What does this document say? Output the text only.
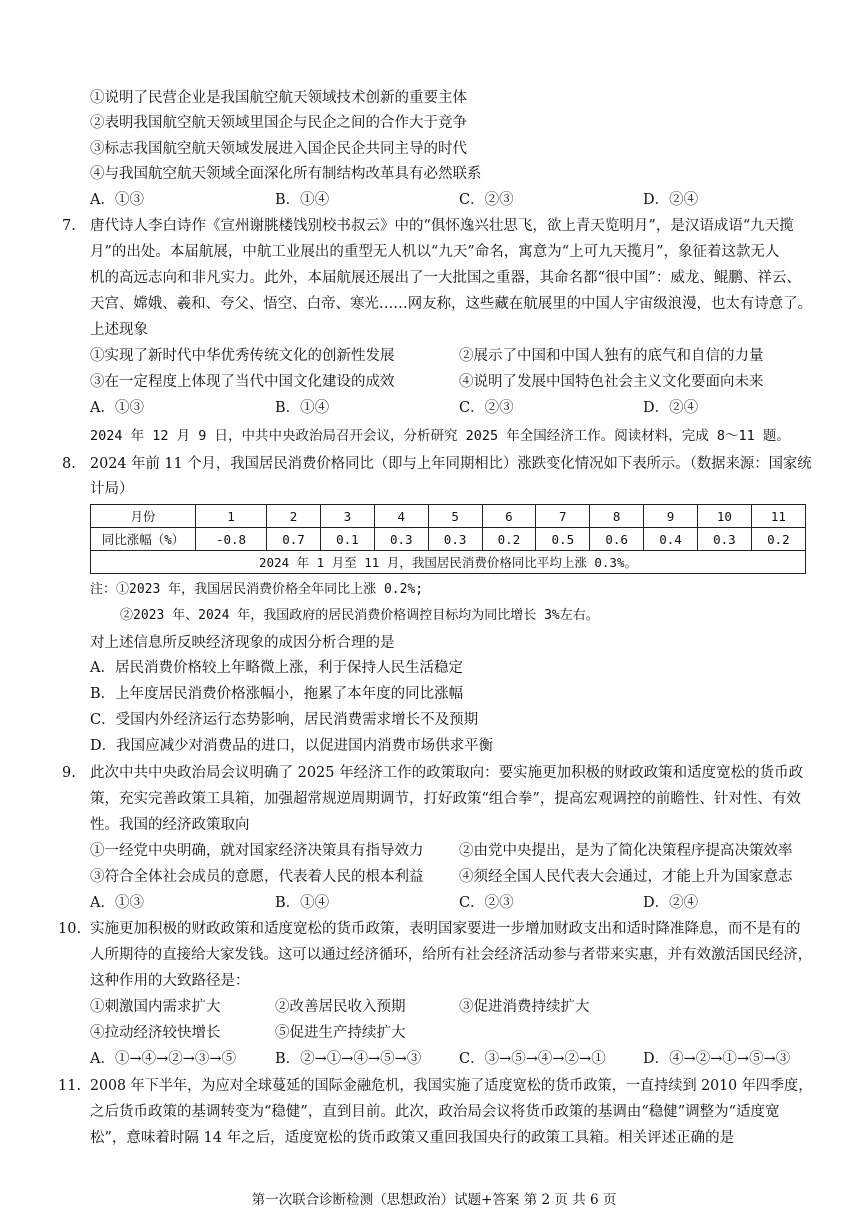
①说明了民营企业是我国航空航天领域技术创新的重要主体
②表明我国航空航天领域里国企与民企之间的合作大于竞争
③标志我国航空航天领域发展进入国企民企共同主导的时代
④与我国航空航天领域全面深化所有制结构改革具有必然联系
A．①③	B．①④	C．②③	D．②④
7. 唐代诗人李白诗作《宣州谢朓楼饯别校书叔云》中的“俱怀逸兴壮思飞，欲上青天览明月”，是汉语成语“九天揽
月”的出处。本届航展，中航工业展出的重型无人机以“九天”命名，寓意为“上可九天揽月”，象征着这款无人
机的高远志向和非凡实力。此外，本届航展还展出了一大批国之重器，其命名都“很中国”：威龙、鲲鹏、祥云、
天宫、嫦娥、羲和、夸父、悟空、白帝、寒光……网友称，这些藏在航展里的中国人宇宙级浪漫，也太有诗意了。
上述现象
①实现了新时代中华优秀传统文化的创新性发展	②展示了中国和中国人独有的底气和自信的力量
③在一定程度上体现了当代中国文化建设的成效	④说明了发展中国特色社会主义文化要面向未来
A．①③	B．①④	C．②③	D．②④
2024 年 12 月 9 日，中共中央政治局召开会议，分析研究 2025 年全国经济工作。阅读材料，完成 8～11 题。
8. 2024 年前 11 个月，我国居民消费价格同比（即与上年同期相比）涨跌变化情况如下表所示。（数据来源：国家统
计局）
月份	1	2	3	4	5	6	7	8	9	10	11
同比涨幅（%）	-0.8	0.7	0.1	0.3	0.3	0.2	0.5	0.6	0.4	0.3	0.2
2024 年 1 月至 11 月，我国居民消费价格同比平均上涨 0.3%。											
注：①2023 年，我国居民消费价格全年同比上涨 0.2%;
②2023 年、2024 年，我国政府的居民消费价格调控目标均为同比增长 3%左右。
对上述信息所反映经济现象的成因分析合理的是
A．居民消费价格较上年略微上涨，利于保持人民生活稳定
B．上年度居民消费价格涨幅小，拖累了本年度的同比涨幅
C．受国内外经济运行态势影响，居民消费需求增长不及预期
D．我国应减少对消费品的进口，以促进国内消费市场供求平衡
9. 此次中共中央政治局会议明确了 2025 年经济工作的政策取向：要实施更加积极的财政政策和适度宽松的货币政
策，充实完善政策工具箱，加强超常规逆周期调节，打好政策“组合拳”，提高宏观调控的前瞻性、针对性、有效
性。我国的经济政策取向
①一经党中央明确，就对国家经济决策具有指导效力 ②由党中央提出，是为了简化决策程序提高决策效率
③符合全体社会成员的意愿，代表着人民的根本利益 ④须经全国人民代表大会通过，才能上升为国家意志
A．①③	B．①④	C．②③	D．②④
10. 实施更加积极的财政政策和适度宽松的货币政策，表明国家要进一步增加财政支出和适时降准降息，而不是有的
人所期待的直接给大家发钱。这可以通过经济循环，给所有社会经济活动参与者带来实惠，并有效激活国民经济，
这种作用的大致路径是：
①刺激国内需求扩大	②改善居民收入预期	③促进消费持续扩大
④拉动经济较快增长	⑤促进生产持续扩大
A．①→④→②→③→⑤	B．②→①→④→⑤→③	C．③→⑤→④→②→①	D．④→②→①→⑤→③
11. 2008 年下半年，为应对全球蔓延的国际金融危机，我国实施了适度宽松的货币政策，一直持续到 2010 年四季度，
之后货币政策的基调转变为“稳健”，直到目前。此次，政治局会议将货币政策的基调由“稳健”调整为“适度宽
松”，意味着时隔 14 年之后，适度宽松的货币政策又重回我国央行的政策工具箱。相关评述正确的是
第一次联合诊断检测（思想政治）试题+答案 第 2 页 共 6 页
